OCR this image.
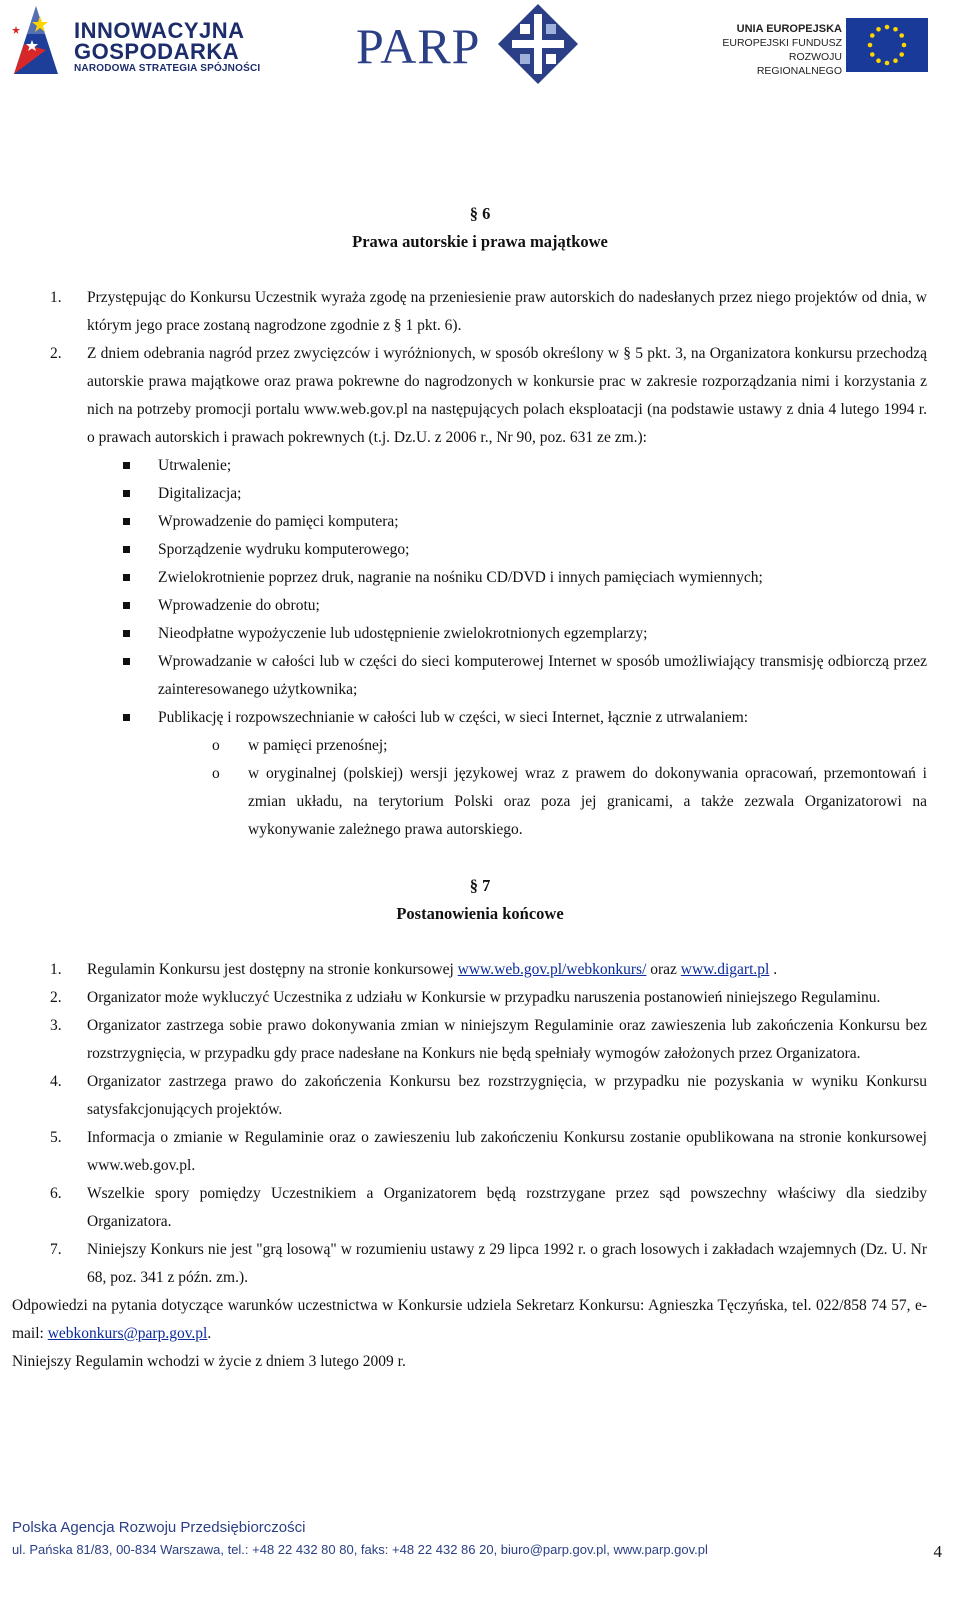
INNOWACYJNA
GOSPODARKA
NARODOWA STRATEGIA SPÓJNOŚCI PARP	UNIA EUROPEJSKA
EUROPEJSKI FUNDUSZ
ROZWOJU REGIONALNEGO
§ 6
Prawa autorskie i prawa majątkowe
1. Przystępując do Konkursu Uczestnik wyraża zgodę na przeniesienie praw autorskich do nadesłanych przez niego projektów od dnia, w którym jego prace zostaną nagrodzone zgodnie z § 1 pkt. 6).
2. Z dniem odebrania nagród przez zwycięzców i wyróżnionych, w sposób określony w § 5 pkt. 3, na Organizatora konkursu przechodzą autorskie prawa majątkowe oraz prawa pokrewne do nagrodzonych w konkursie prac w zakresie rozporządzania nimi i korzystania z nich na potrzeby promocji portalu www.web.gov.pl na następujących polach eksploatacji (na podstawie ustawy z dnia 4 lutego 1994 r. o prawach autorskich i prawach pokrewnych (t.j. Dz.U. z 2006 r., Nr 90, poz. 631 ze zm.):
Utrwalenie;
Digitalizacja;
Wprowadzenie do pamięci komputera;
Sporządzenie wydruku komputerowego;
Zwielokrotnienie poprzez druk, nagranie na nośniku CD/DVD i innych pamięciach wymiennych;
Wprowadzenie do obrotu;
Nieodpłatne wypożyczenie lub udostępnienie zwielokrotnionych egzemplarzy;
Wprowadzanie w całości lub w części do sieci komputerowej Internet w sposób umożliwiający transmisję odbiorczą przez zainteresowanego użytkownika;
Publikację i rozpowszechnianie w całości lub w części, w sieci Internet, łącznie z utrwalaniem:
o w pamięci przenośnej;
o w oryginalnej (polskiej) wersji językowej wraz z prawem do dokonywania opracowań, przemontowań i zmian układu, na terytorium Polski oraz poza jej granicami, a także zezwala Organizatorowi na wykonywanie zależnego prawa autorskiego.
§ 7
Postanowienia końcowe
1. Regulamin Konkursu jest dostępny na stronie konkursowej www.web.gov.pl/webkonkurs/ oraz www.digart.pl .
2. Organizator może wykluczyć Uczestnika z udziału w Konkursie w przypadku naruszenia postanowień niniejszego Regulaminu.
3. Organizator zastrzega sobie prawo dokonywania zmian w niniejszym Regulaminie oraz zawieszenia lub zakończenia Konkursu bez rozstrzygnięcia, w przypadku gdy prace nadesłane na Konkurs nie będą spełniały wymogów założonych przez Organizatora.
4. Organizator zastrzega prawo do zakończenia Konkursu bez rozstrzygnięcia, w przypadku nie pozyskania w wyniku Konkursu satysfakcjonujących projektów.
5. Informacja o zmianie w Regulaminie oraz o zawieszeniu lub zakończeniu Konkursu zostanie opublikowana na stronie konkursowej www.web.gov.pl.
6. Wszelkie spory pomiędzy Uczestnikiem a Organizatorem będą rozstrzygane przez sąd powszechny właściwy dla siedziby Organizatora.
7. Niniejszy Konkurs nie jest "grą losową" w rozumieniu ustawy z 29 lipca 1992 r. o grach losowych i zakładach wzajemnych (Dz. U. Nr 68, poz. 341 z późn. zm.).
Odpowiedzi na pytania dotyczące warunków uczestnictwa w Konkursie udziela Sekretarz Konkursu: Agnieszka Tęczyńska, tel. 022/858 74 57, e-mail: webkonkurs@parp.gov.pl.
Niniejszy Regulamin wchodzi w życie z dniem 3 lutego 2009 r.
Polska Agencja Rozwoju Przedsiębiorczości
ul. Pańska 81/83, 00-834 Warszawa, tel.: +48 22 432 80 80, faks: +48 22 432 86 20, biuro@parp.gov.pl, www.parp.gov.pl	4
